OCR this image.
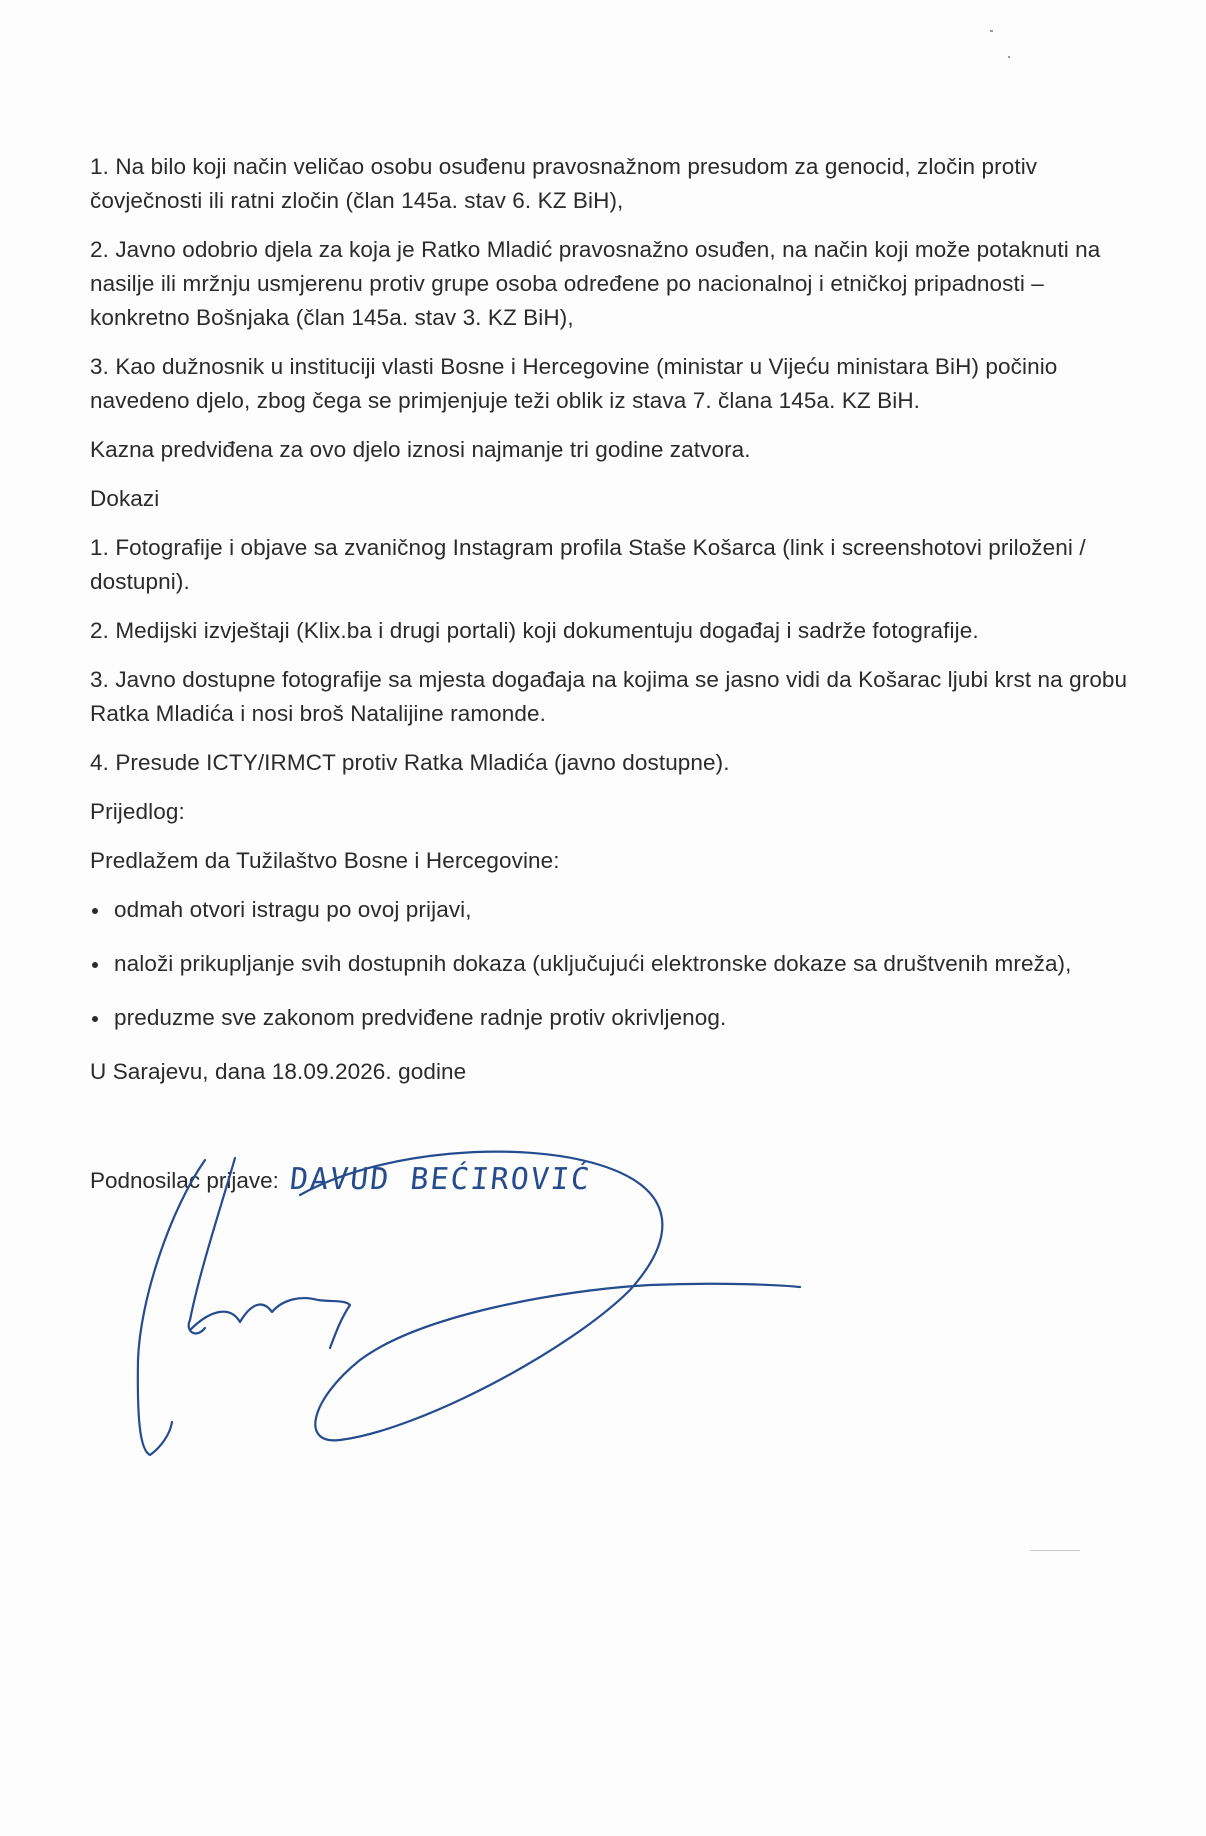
1. Na bilo koji način veličao osobu osuđenu pravosnažnom presudom za genocid, zločin protiv čovječnosti ili ratni zločin (član 145a. stav 6. KZ BiH),

2. Javno odobrio djela za koja je Ratko Mladić pravosnažno osuđen, na način koji može potaknuti na nasilje ili mržnju usmjerenu protiv grupe osoba određene po nacionalnoj i etničkoj pripadnosti – konkretno Bošnjaka (član 145a. stav 3. KZ BiH),

3. Kao dužnosnik u instituciji vlasti Bosne i Hercegovine (ministar u Vijeću ministara BiH) počinio navedeno djelo, zbog čega se primjenjuje teži oblik iz stava 7. člana 145a. KZ BiH.

Kazna predviđena za ovo djelo iznosi najmanje tri godine zatvora.

Dokazi

1. Fotografije i objave sa zvaničnog Instagram profila Staše Košarca (link i screenshotovi priloženi / dostupni).

2. Medijski izvještaji (Klix.ba i drugi portali) koji dokumentuju događaj i sadrže fotografije.

3. Javno dostupne fotografije sa mjesta događaja na kojima se jasno vidi da Košarac ljubi krst na grobu Ratka Mladića i nosi broš Natalijine ramonde.

4. Presude ICTY/IRMCT protiv Ratka Mladića (javno dostupne).

Prijedlog:

Predlažem da Tužilaštvo Bosne i Hercegovine:

odmah otvori istragu po ovoj prijavi,

naloži prikupljanje svih dostupnih dokaza (uključujući elektronske dokaze sa društvenih mreža),

preduzme sve zakonom predviđene radnje protiv okrivljenog.

U Sarajevu, dana 18.09.2026. godine

Podnosilac prijave: DAVUD BEĆIROVIĆ
